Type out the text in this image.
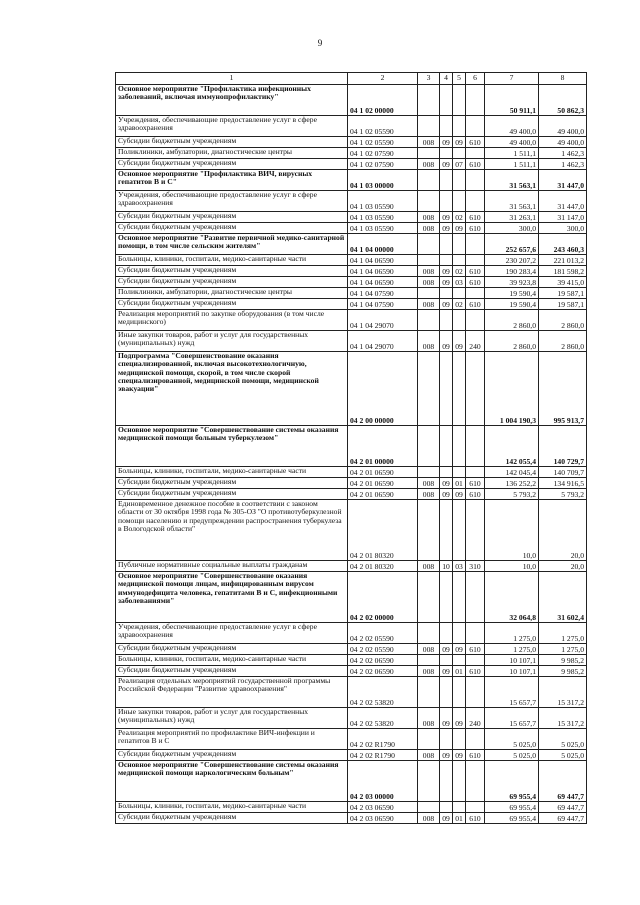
9
1	2	3	4	5	6	7	8
Основное мероприятие "Профилактика инфекционных заболеваний, включая иммунопрофилактику"	04 1 02 00000					50 911,1	50 862,3
Учреждения, обеспечивающие предоставление услуг в сфере здравоохранения	04 1 02 05590					49 400,0	49 400,0
Субсидии бюджетным учреждениям	04 1 02 05590	008	09	09	610	49 400,0	49 400,0
Поликлиники, амбулатории, диагностические центры	04 1 02 07590					1 511,1	1 462,3
Субсидии бюджетным учреждениям	04 1 02 07590	008	09	07	610	1 511,1	1 462,3
Основное мероприятие "Профилактика ВИЧ, вирусных гепатитов В и С"	04 1 03 00000					31 563,1	31 447,0
Учреждения, обеспечивающие предоставление услуг в сфере здравоохранения	04 1 03 05590					31 563,1	31 447,0
Субсидии бюджетным учреждениям	04 1 03 05590	008	09	02	610	31 263,1	31 147,0
Субсидии бюджетным учреждениям	04 1 03 05590	008	09	09	610	300,0	300,0
Основное мероприятие "Развитие первичной медико-санитарной помощи, в том числе сельским жителям"	04 1 04 00000					252 657,6	243 460,3
Больницы, клиники, госпитали, медико-санитарные части	04 1 04 06590					230 207,2	221 013,2
Субсидии бюджетным учреждениям	04 1 04 06590	008	09	02	610	190 283,4	181 598,2
Субсидии бюджетным учреждениям	04 1 04 06590	008	09	03	610	39 923,8	39 415,0
Поликлиники, амбулатории, диагностические центры	04 1 04 07590					19 590,4	19 587,1
Субсидии бюджетным учреждениям	04 1 04 07590	008	09	02	610	19 590,4	19 587,1
Реализация мероприятий по закупке оборудования (в том числе медицинского)	04 1 04 29070					2 860,0	2 860,0
Иные закупки товаров, работ и услуг для государственных (муниципальных) нужд	04 1 04 29070	008	09	09	240	2 860,0	2 860,0
Подпрограмма "Совершенствование оказания специализированной, включая высокотехнологичную, медицинской помощи, скорой, в том числе скорой специализированной, медицинской помощи, медицинской эвакуации"	04 2 00 00000					1 004 190,3	995 913,7
Основное мероприятие "Совершенствование системы оказания медицинской помощи больным туберкулезом"	04 2 01 00000					142 055,4	140 729,7
Больницы, клиники, госпитали, медико-санитарные части	04 2 01 06590					142 045,4	140 709,7
Субсидии бюджетным учреждениям	04 2 01 06590	008	09	01	610	136 252,2	134 916,5
Субсидии бюджетным учреждениям	04 2 01 06590	008	09	09	610	5 793,2	5 793,2
Единовременное денежное пособие в соответствии с законом области от 30 октября 1998 года № 305-ОЗ "О противотуберкулезной помощи населению и предупреждении распространения туберкулеза в Вологодской области"	04 2 01 80320					10,0	20,0
Публичные нормативные социальные выплаты гражданам	04 2 01 80320	008	10	03	310	10,0	20,0
Основное мероприятие "Совершенствование оказания медицинской помощи лицам, инфицированным вирусом иммунодефицита человека, гепатитами В и С, инфекционными заболеваниями"	04 2 02 00000					32 064,8	31 602,4
Учреждения, обеспечивающие предоставление услуг в сфере здравоохранения	04 2 02 05590					1 275,0	1 275,0
Субсидии бюджетным учреждениям	04 2 02 05590	008	09	09	610	1 275,0	1 275,0
Больницы, клиники, госпитали, медико-санитарные части	04 2 02 06590					10 107,1	9 985,2
Субсидии бюджетным учреждениям	04 2 02 06590	008	09	01	610	10 107,1	9 985,2
Реализация отдельных мероприятий государственной программы Российской Федерации "Развитие здравоохранения"	04 2 02 53820					15 657,7	15 317,2
Иные закупки товаров, работ и услуг для государственных (муниципальных) нужд	04 2 02 53820	008	09	09	240	15 657,7	15 317,2
Реализация мероприятий по профилактике ВИЧ-инфекции и гепатитов В и С	04 2 02 R1790					5 025,0	5 025,0
Субсидии бюджетным учреждениям	04 2 02 R1790	008	09	09	610	5 025,0	5 025,0
Основное мероприятие "Совершенствование системы оказания медицинской помощи наркологическим больным"	04 2 03 00000					69 955,4	69 447,7
Больницы, клиники, госпитали, медико-санитарные части	04 2 03 06590					69 955,4	69 447,7
Субсидии бюджетным учреждениям	04 2 03 06590	008	09	01	610	69 955,4	69 447,7
